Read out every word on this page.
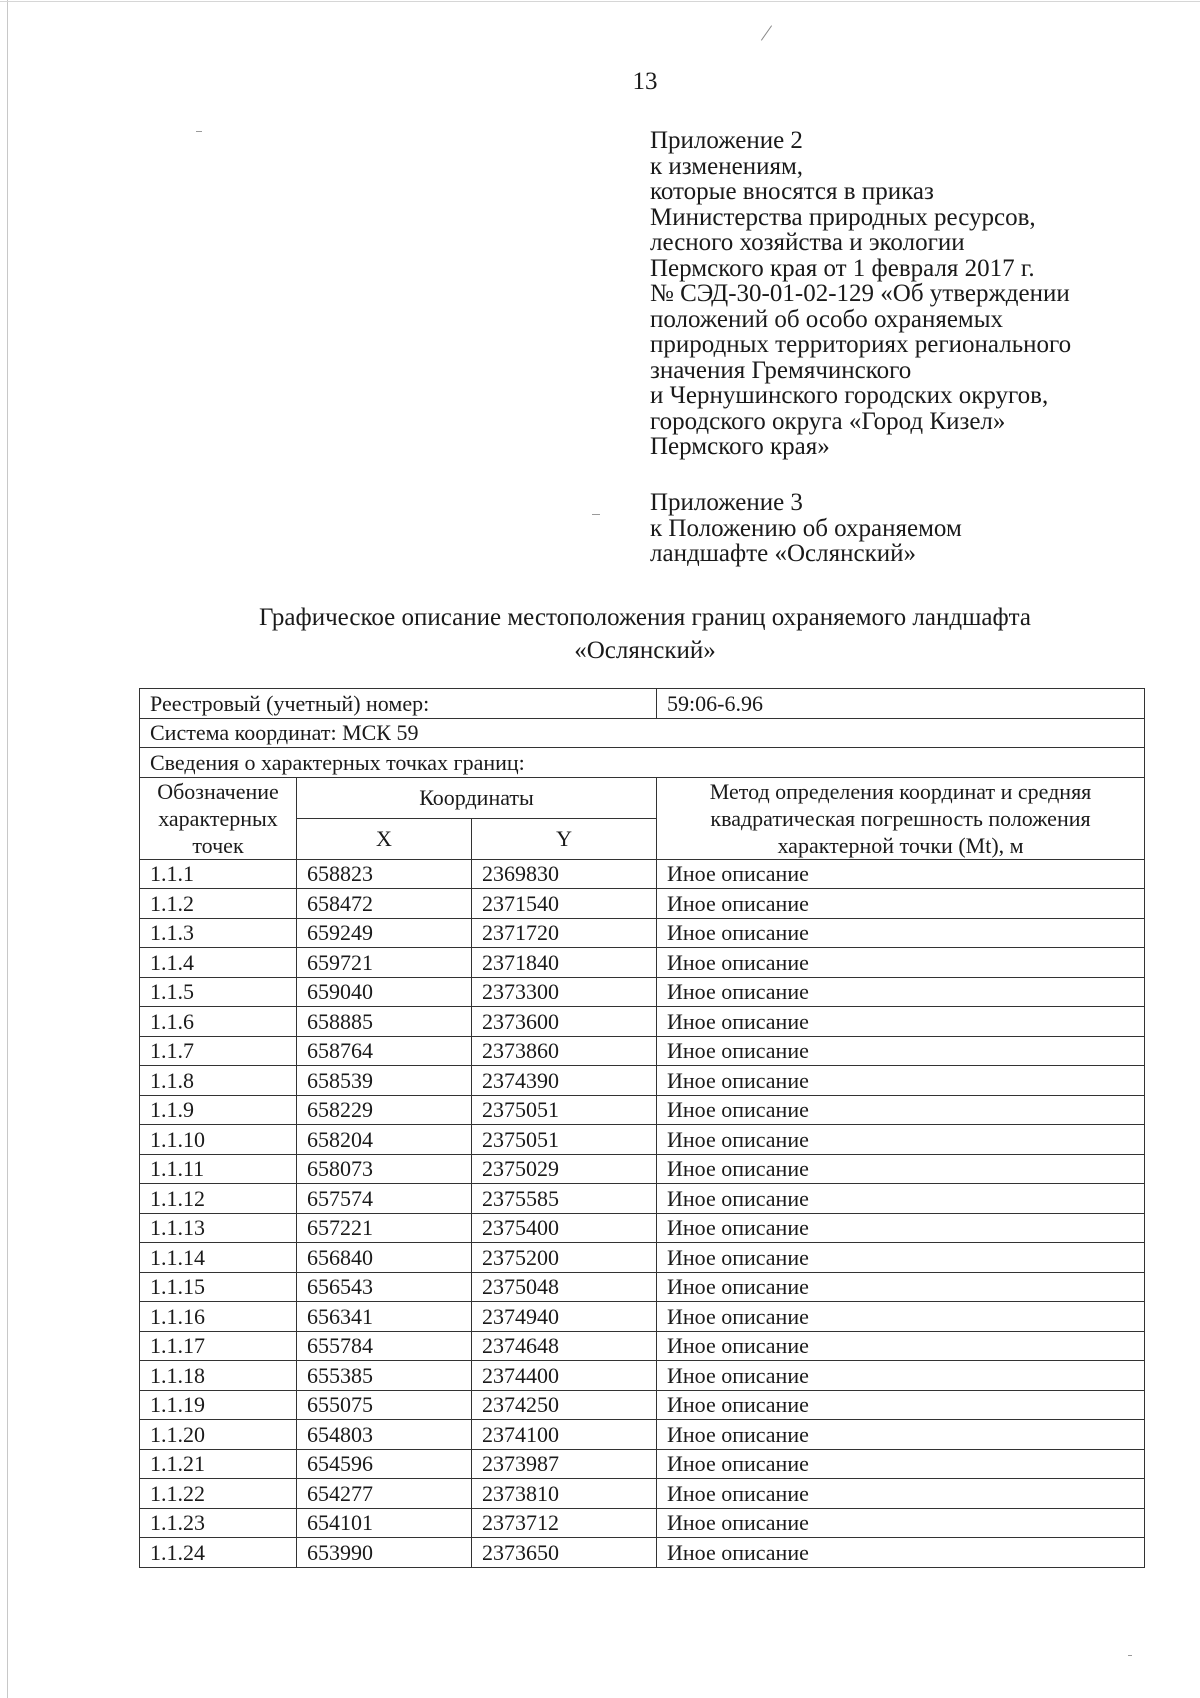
13
Приложение 2
к изменениям,
которые вносятся в приказ
Министерства природных ресурсов,
лесного хозяйства и экологии
Пермского края от 1 февраля 2017 г.
№ СЭД-30-01-02-129 «Об утверждении
положений об особо охраняемых
природных территориях регионального
значения Гремячинского
и Чернушинского городских округов,
городского округа «Город Кизел»
Пермского края»
Приложение 3
к Положению об охраняемом
ландшафте «Ослянский»
Графическое описание местоположения границ охраняемого ландшафта
«Ослянский»
Реестровый (учетный) номер:			59:06-6.96
Система координат: МСК 59			
Сведения о характерных точках границ:			
Обозначение характерных точек	Координаты		Метод определения координат и средняя квадратическая погрешность положения характерной точки (Mt), м
	X	Y	
1.1.1	658823	2369830	Иное описание
1.1.2	658472	2371540	Иное описание
1.1.3	659249	2371720	Иное описание
1.1.4	659721	2371840	Иное описание
1.1.5	659040	2373300	Иное описание
1.1.6	658885	2373600	Иное описание
1.1.7	658764	2373860	Иное описание
1.1.8	658539	2374390	Иное описание
1.1.9	658229	2375051	Иное описание
1.1.10	658204	2375051	Иное описание
1.1.11	658073	2375029	Иное описание
1.1.12	657574	2375585	Иное описание
1.1.13	657221	2375400	Иное описание
1.1.14	656840	2375200	Иное описание
1.1.15	656543	2375048	Иное описание
1.1.16	656341	2374940	Иное описание
1.1.17	655784	2374648	Иное описание
1.1.18	655385	2374400	Иное описание
1.1.19	655075	2374250	Иное описание
1.1.20	654803	2374100	Иное описание
1.1.21	654596	2373987	Иное описание
1.1.22	654277	2373810	Иное описание
1.1.23	654101	2373712	Иное описание
1.1.24	653990	2373650	Иное описание
